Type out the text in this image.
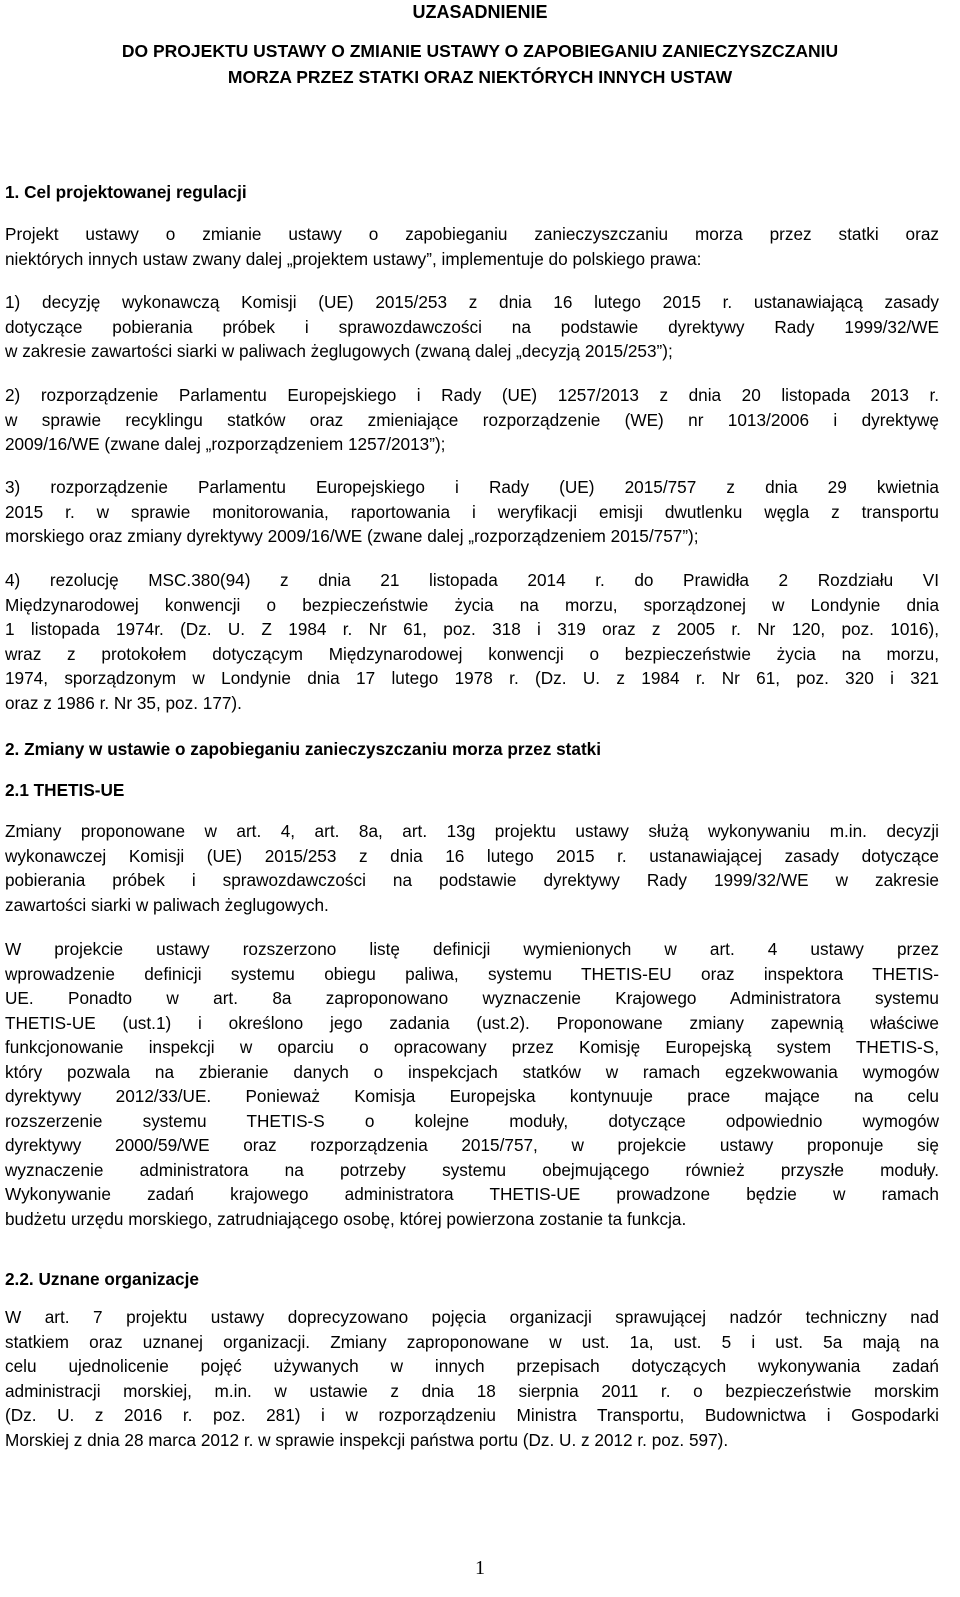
UZASADNIENIE
DO PROJEKTU USTAWY O ZMIANIE USTAWY O ZAPOBIEGANIU ZANIECZYSZCZANIU
MORZA PRZEZ STATKI ORAZ NIEKTÓRYCH INNYCH USTAW
1. Cel projektowanej regulacji
Projekt ustawy o zmianie ustawy o zapobieganiu zanieczyszczaniu morza przez statki oraz
niektórych innych ustaw zwany dalej „projektem ustawy”, implementuje do polskiego prawa:
1) decyzję wykonawczą Komisji (UE) 2015/253 z dnia 16 lutego 2015 r. ustanawiającą zasady
dotyczące pobierania próbek i sprawozdawczości na podstawie dyrektywy Rady 1999/32/WE
w zakresie zawartości siarki w paliwach żeglugowych (zwaną dalej „decyzją 2015/253”);
2) rozporządzenie Parlamentu Europejskiego i Rady (UE) 1257/2013 z dnia 20 listopada 2013 r.
w sprawie recyklingu statków oraz zmieniające rozporządzenie (WE) nr 1013/2006 i dyrektywę
2009/16/WE (zwane dalej „rozporządzeniem 1257/2013”);
3) rozporządzenie Parlamentu Europejskiego i Rady (UE) 2015/757 z dnia 29 kwietnia
2015 r. w sprawie monitorowania, raportowania i weryfikacji emisji dwutlenku węgla z transportu
morskiego oraz zmiany dyrektywy 2009/16/WE (zwane dalej „rozporządzeniem 2015/757”);
4) rezolucję MSC.380(94) z dnia 21 listopada 2014 r. do Prawidła 2 Rozdziału VI
Międzynarodowej konwencji o bezpieczeństwie życia na morzu, sporządzonej w Londynie dnia
1 listopada 1974r. (Dz. U. Z 1984 r. Nr 61, poz. 318 i 319 oraz z 2005 r. Nr 120, poz. 1016),
wraz z protokołem dotyczącym Międzynarodowej konwencji o bezpieczeństwie życia na morzu,
1974, sporządzonym w Londynie dnia 17 lutego 1978 r. (Dz. U. z 1984 r. Nr 61, poz. 320 i 321
oraz z 1986 r. Nr 35, poz. 177).
2. Zmiany w ustawie o zapobieganiu zanieczyszczaniu morza przez statki
2.1 THETIS-UE
Zmiany proponowane w art. 4, art. 8a, art. 13g projektu ustawy służą wykonywaniu m.in. decyzji
wykonawczej Komisji (UE) 2015/253 z dnia 16 lutego 2015 r. ustanawiającej zasady dotyczące
pobierania próbek i sprawozdawczości na podstawie dyrektywy Rady 1999/32/WE w zakresie
zawartości siarki w paliwach żeglugowych.
W projekcie ustawy rozszerzono listę definicji wymienionych w art. 4 ustawy przez
wprowadzenie definicji systemu obiegu paliwa, systemu THETIS-EU oraz inspektora THETIS-
UE. Ponadto w art. 8a zaproponowano wyznaczenie Krajowego Administratora systemu
THETIS-UE (ust.1) i określono jego zadania (ust.2). Proponowane zmiany zapewnią właściwe
funkcjonowanie inspekcji w oparciu o opracowany przez Komisję Europejską system THETIS-S,
który pozwala na zbieranie danych o inspekcjach statków w ramach egzekwowania wymogów
dyrektywy 2012/33/UE. Ponieważ Komisja Europejska kontynuuje prace mające na celu
rozszerzenie systemu THETIS-S o kolejne moduły, dotyczące odpowiednio wymogów
dyrektywy 2000/59/WE oraz rozporządzenia 2015/757, w projekcie ustawy proponuje się
wyznaczenie administratora na potrzeby systemu obejmującego również przyszłe moduły.
Wykonywanie zadań krajowego administratora THETIS-UE prowadzone będzie w ramach
budżetu urzędu morskiego, zatrudniającego osobę, której powierzona zostanie ta funkcja.
2.2. Uznane organizacje
W art. 7 projektu ustawy doprecyzowano pojęcia organizacji sprawującej nadzór techniczny nad
statkiem oraz uznanej organizacji. Zmiany zaproponowane w ust. 1a, ust. 5 i ust. 5a mają na
celu ujednolicenie pojęć używanych w innych przepisach dotyczących wykonywania zadań
administracji morskiej, m.in. w ustawie z dnia 18 sierpnia 2011 r. o bezpieczeństwie morskim
(Dz. U. z 2016 r. poz. 281) i w rozporządzeniu Ministra Transportu, Budownictwa i Gospodarki
Morskiej z dnia 28 marca 2012 r. w sprawie inspekcji państwa portu (Dz. U. z 2012 r. poz. 597).
1
